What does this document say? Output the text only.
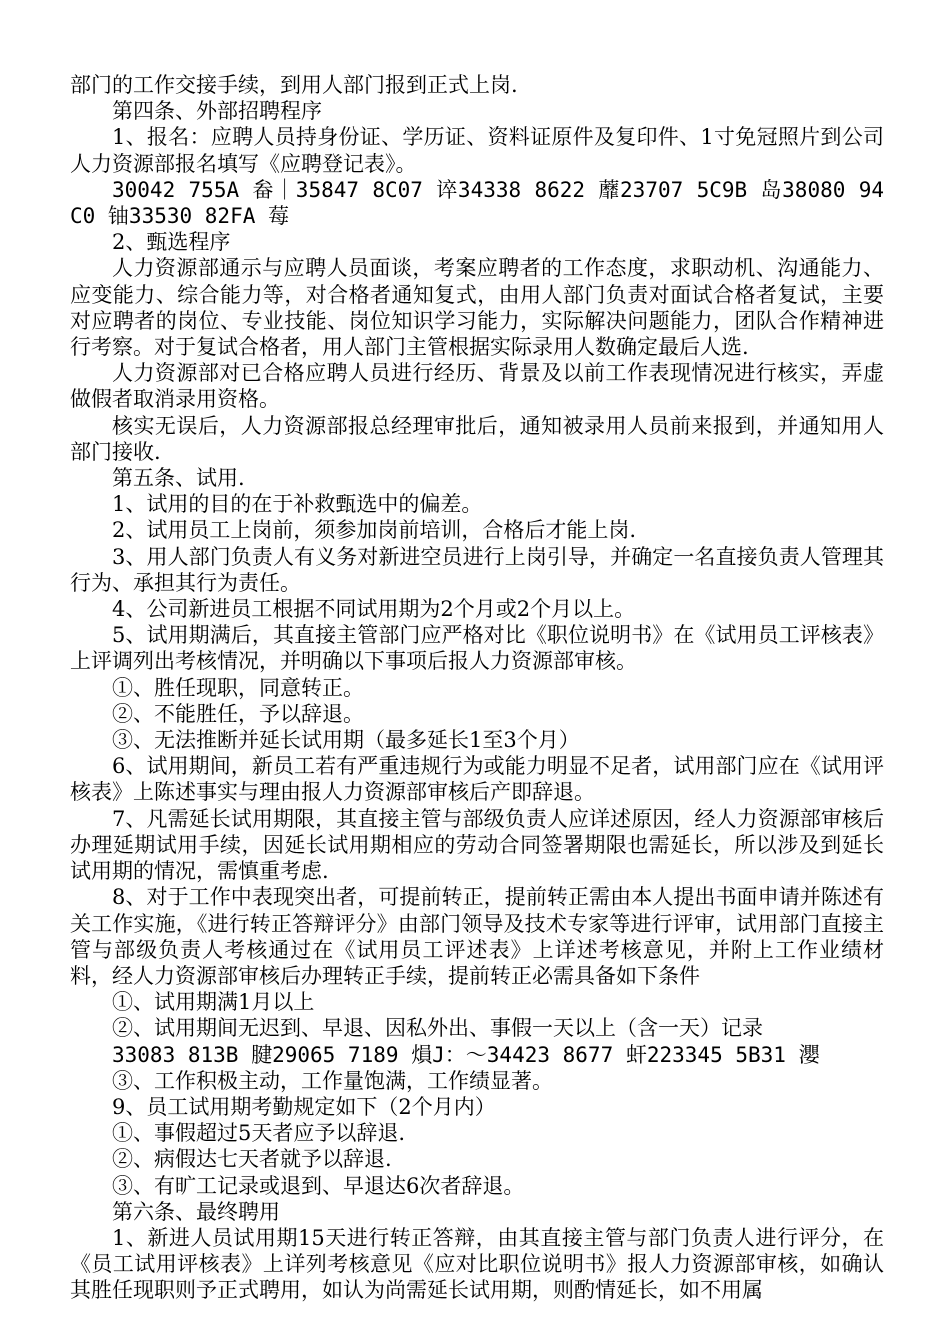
部门的工作交接手续，到用人部门报到正式上岗.

第四条、外部招聘程序

1、报名：应聘人员持身份证、学历证、资料证原件及复印件、1寸免冠照片到公司人力资源部报名填写《应聘登记表》。

30042 755A 畚｜35847 8C07 谇34338 8622 蘼23707 5C9B 岛38080 94C0 铀33530 82FA 莓

2、甄选程序

人力资源部通示与应聘人员面谈，考案应聘者的工作态度，求职动机、沟通能力、应变能力、综合能力等，对合格者通知复式，由用人部门负责对面试合格者复试，主要对应聘者的岗位、专业技能、岗位知识学习能力，实际解决问题能力，团队合作精神进行考察。对于复试合格者，用人部门主管根据实际录用人数确定最后人选.

人力资源部对已合格应聘人员进行经历、背景及以前工作表现情况进行核实，弄虚做假者取消录用资格。

核实无误后，人力资源部报总经理审批后，通知被录用人员前来报到，并通知用人部门接收.

第五条、试用.

1、试用的目的在于补救甄选中的偏差。

2、试用员工上岗前，须参加岗前培训，合格后才能上岗.

3、用人部门负责人有义务对新进空员进行上岗引导，并确定一名直接负责人管理其行为、承担其行为责任。

4、公司新进员工根据不同试用期为2个月或2个月以上。

5、试用期满后，其直接主管部门应严格对比《职位说明书》在《试用员工评核表》上评调列出考核情况，并明确以下事项后报人力资源部审核。

①、胜任现职，同意转正。

②、不能胜任，予以辞退。

③、无法推断并延长试用期（最多延长1至3个月）

6、试用期间，新员工若有严重违规行为或能力明显不足者，试用部门应在《试用评核表》上陈述事实与理由报人力资源部审核后产即辞退。

7、凡需延长试用期限，其直接主管与部级负责人应详述原因，经人力资源部审核后办理延期试用手续，因延长试用期相应的劳动合同签署期限也需延长，所以涉及到延长试用期的情况，需慎重考虑.

8、对于工作中表现突出者，可提前转正，提前转正需由本人提出书面申请并陈述有关工作实施，《进行转正答辩评分》由部门领导及技术专家等进行评审，试用部门直接主管与部级负责人考核通过在《试用员工评述表》上详述考核意见，并附上工作业绩材料，经人力资源部审核后办理转正手续，提前转正必需具备如下条件

①、试用期满1月以上

②、试用期间无迟到、早退、因私外出、事假一天以上（含一天）记录

33083 813B 腱29065 7189 熉J：～34423 8677 虷223345 5B31 瀴

③、工作积极主动，工作量饱满，工作绩显著。

9、员工试用期考勤规定如下（2个月内）

①、事假超过5天者应予以辞退.

②、病假达七天者就予以辞退.

③、有旷工记录或退到、早退达6次者辞退。

第六条、最终聘用

1、新进人员试用期15天进行转正答辩，由其直接主管与部门负责人进行评分，在《员工试用评核表》上详列考核意见《应对比职位说明书》报人力资源部审核，如确认其胜任现职则予正式聘用，如认为尚需延长试用期，则酌情延长，如不用属
